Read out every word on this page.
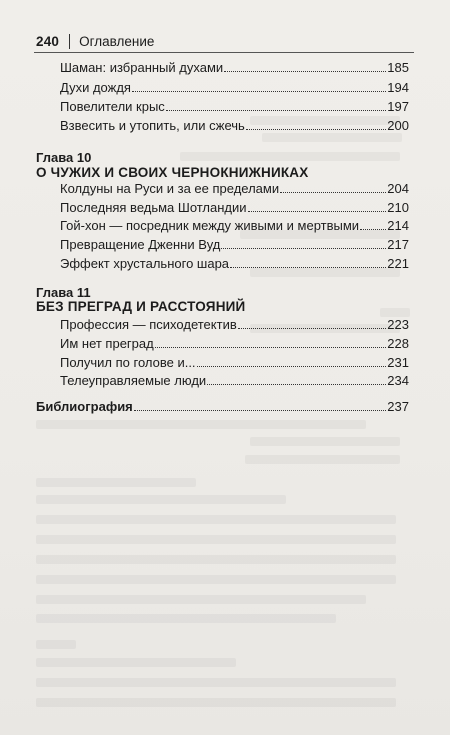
240 Оглавление
Шаман: избранный духами	185
Духи дождя	194
Повелители крыс	197
Взвесить и утопить, или сжечь	200
Глава 10
О ЧУЖИХ И СВОИХ ЧЕРНОКНИЖНИКАХ
Колдуны на Руси и за ее пределами	204
Последняя ведьма Шотландии	210
Гой-хон — посредник между живыми и мертвыми 214
Превращение Дженни Вуд	217
Эффект хрустального шара	221
Глава 11
БЕЗ ПРЕГРАД И РАССТОЯНИЙ
Профессия — психодетектив	223
Им нет преград	228
Получил по голове и...	231
Телеуправляемые люди	234
Библиография	237
